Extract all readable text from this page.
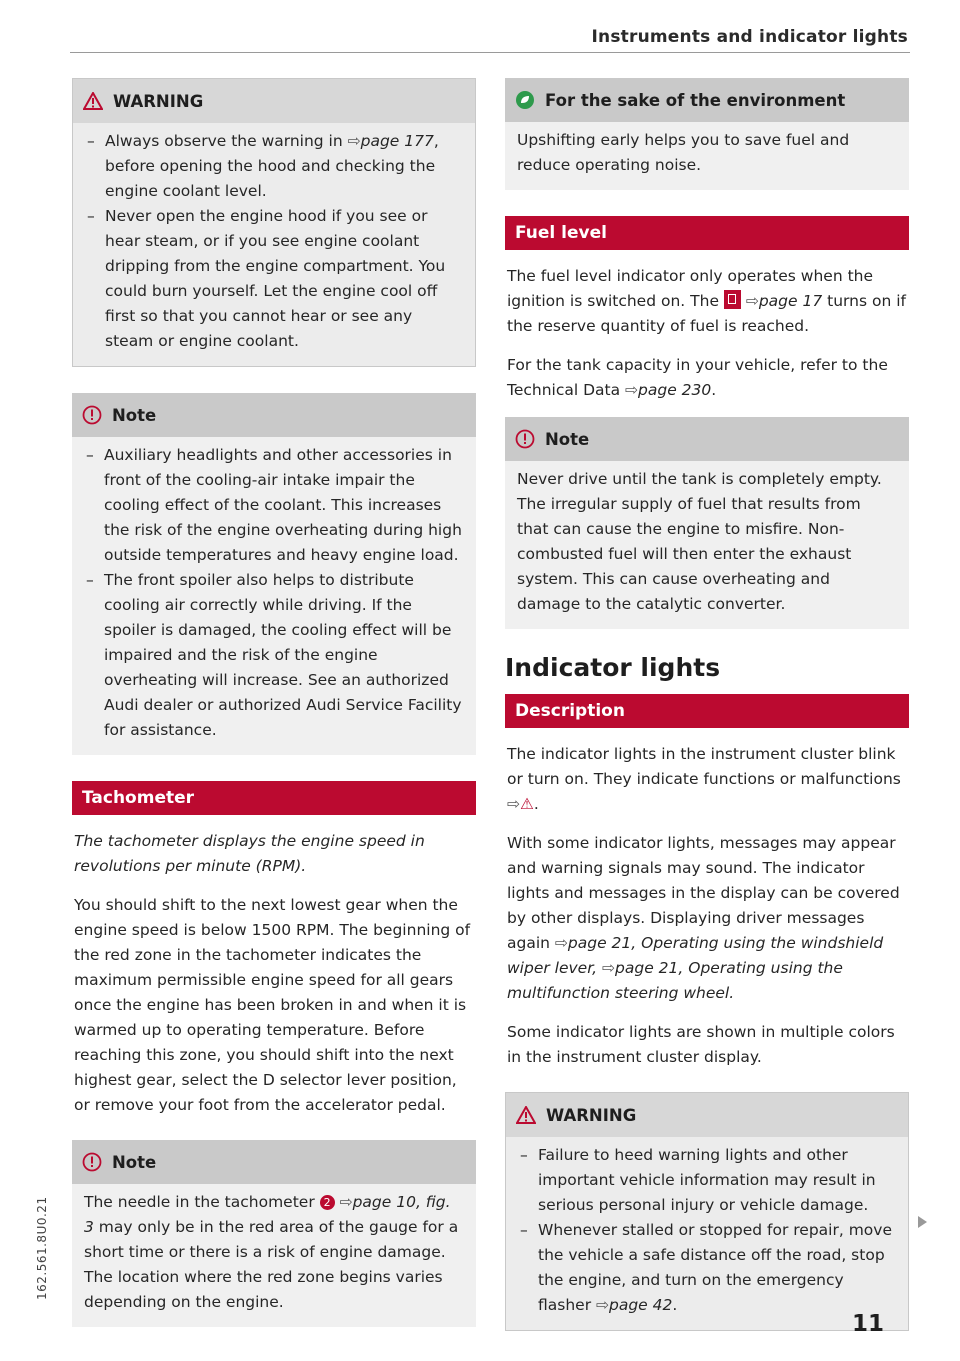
Instruments and indicator lights
WARNING
– Always observe the warning in ⇨page 177, before opening the hood and checking the engine coolant level.
– Never open the engine hood if you see or hear steam, or if you see engine coolant dripping from the engine compartment. You could burn yourself. Let the engine cool off first so that you cannot hear or see any steam or engine coolant.
Note
– Auxiliary headlights and other accessories in front of the cooling-air intake impair the cooling effect of the coolant. This increases the risk of the engine overheating during high outside temperatures and heavy engine load.
– The front spoiler also helps to distribute cooling air correctly while driving. If the spoiler is damaged, the cooling effect will be impaired and the risk of the engine overheating will increase. See an authorized Audi dealer or authorized Audi Service Facility for assistance.
Tachometer

The tachometer displays the engine speed in revolutions per minute (RPM).

You should shift to the next lowest gear when the engine speed is below 1500 RPM. The beginning of the red zone in the tachometer indicates the maximum permissible engine speed for all gears once the engine has been broken in and when it is warmed up to operating temperature. Before reaching this zone, you should shift into the next highest gear, select the D selector lever position, or remove your foot from the accelerator pedal.

Note

The needle in the tachometer 2 ⇨page 10, fig. 3 may only be in the red area of the gauge for a short time or there is a risk of engine damage. The location where the red zone begins varies depending on the engine.

For the sake of the environment

Upshifting early helps you to save fuel and reduce operating noise.

Fuel level

The fuel level indicator only operates when the ignition is switched on. The  ⇨page 17 turns on if the reserve quantity of fuel is reached.

For the tank capacity in your vehicle, refer to the Technical Data ⇨page 230.

Note

Never drive until the tank is completely empty. The irregular supply of fuel that results from that can cause the engine to misfire. Non-combusted fuel will then enter the exhaust system. This can cause overheating and damage to the catalytic converter.

Indicator lights
Description

The indicator lights in the instrument cluster blink or turn on. They indicate functions or malfunctions ⇨⚠.

With some indicator lights, messages may appear and warning signals may sound. The indicator lights and messages in the display can be covered by other displays. Displaying driver messages again ⇨page 21, Operating using the windshield wiper lever, ⇨page 21, Operating using the multifunction steering wheel.

Some indicator lights are shown in multiple colors in the instrument cluster display.

WARNING
– Failure to heed warning lights and other important vehicle information may result in serious personal injury or vehicle damage.
– Whenever stalled or stopped for repair, move the vehicle a safe distance off the road, stop the engine, and turn on the emergency flasher ⇨page 42.
11
162.561.8U0.21
